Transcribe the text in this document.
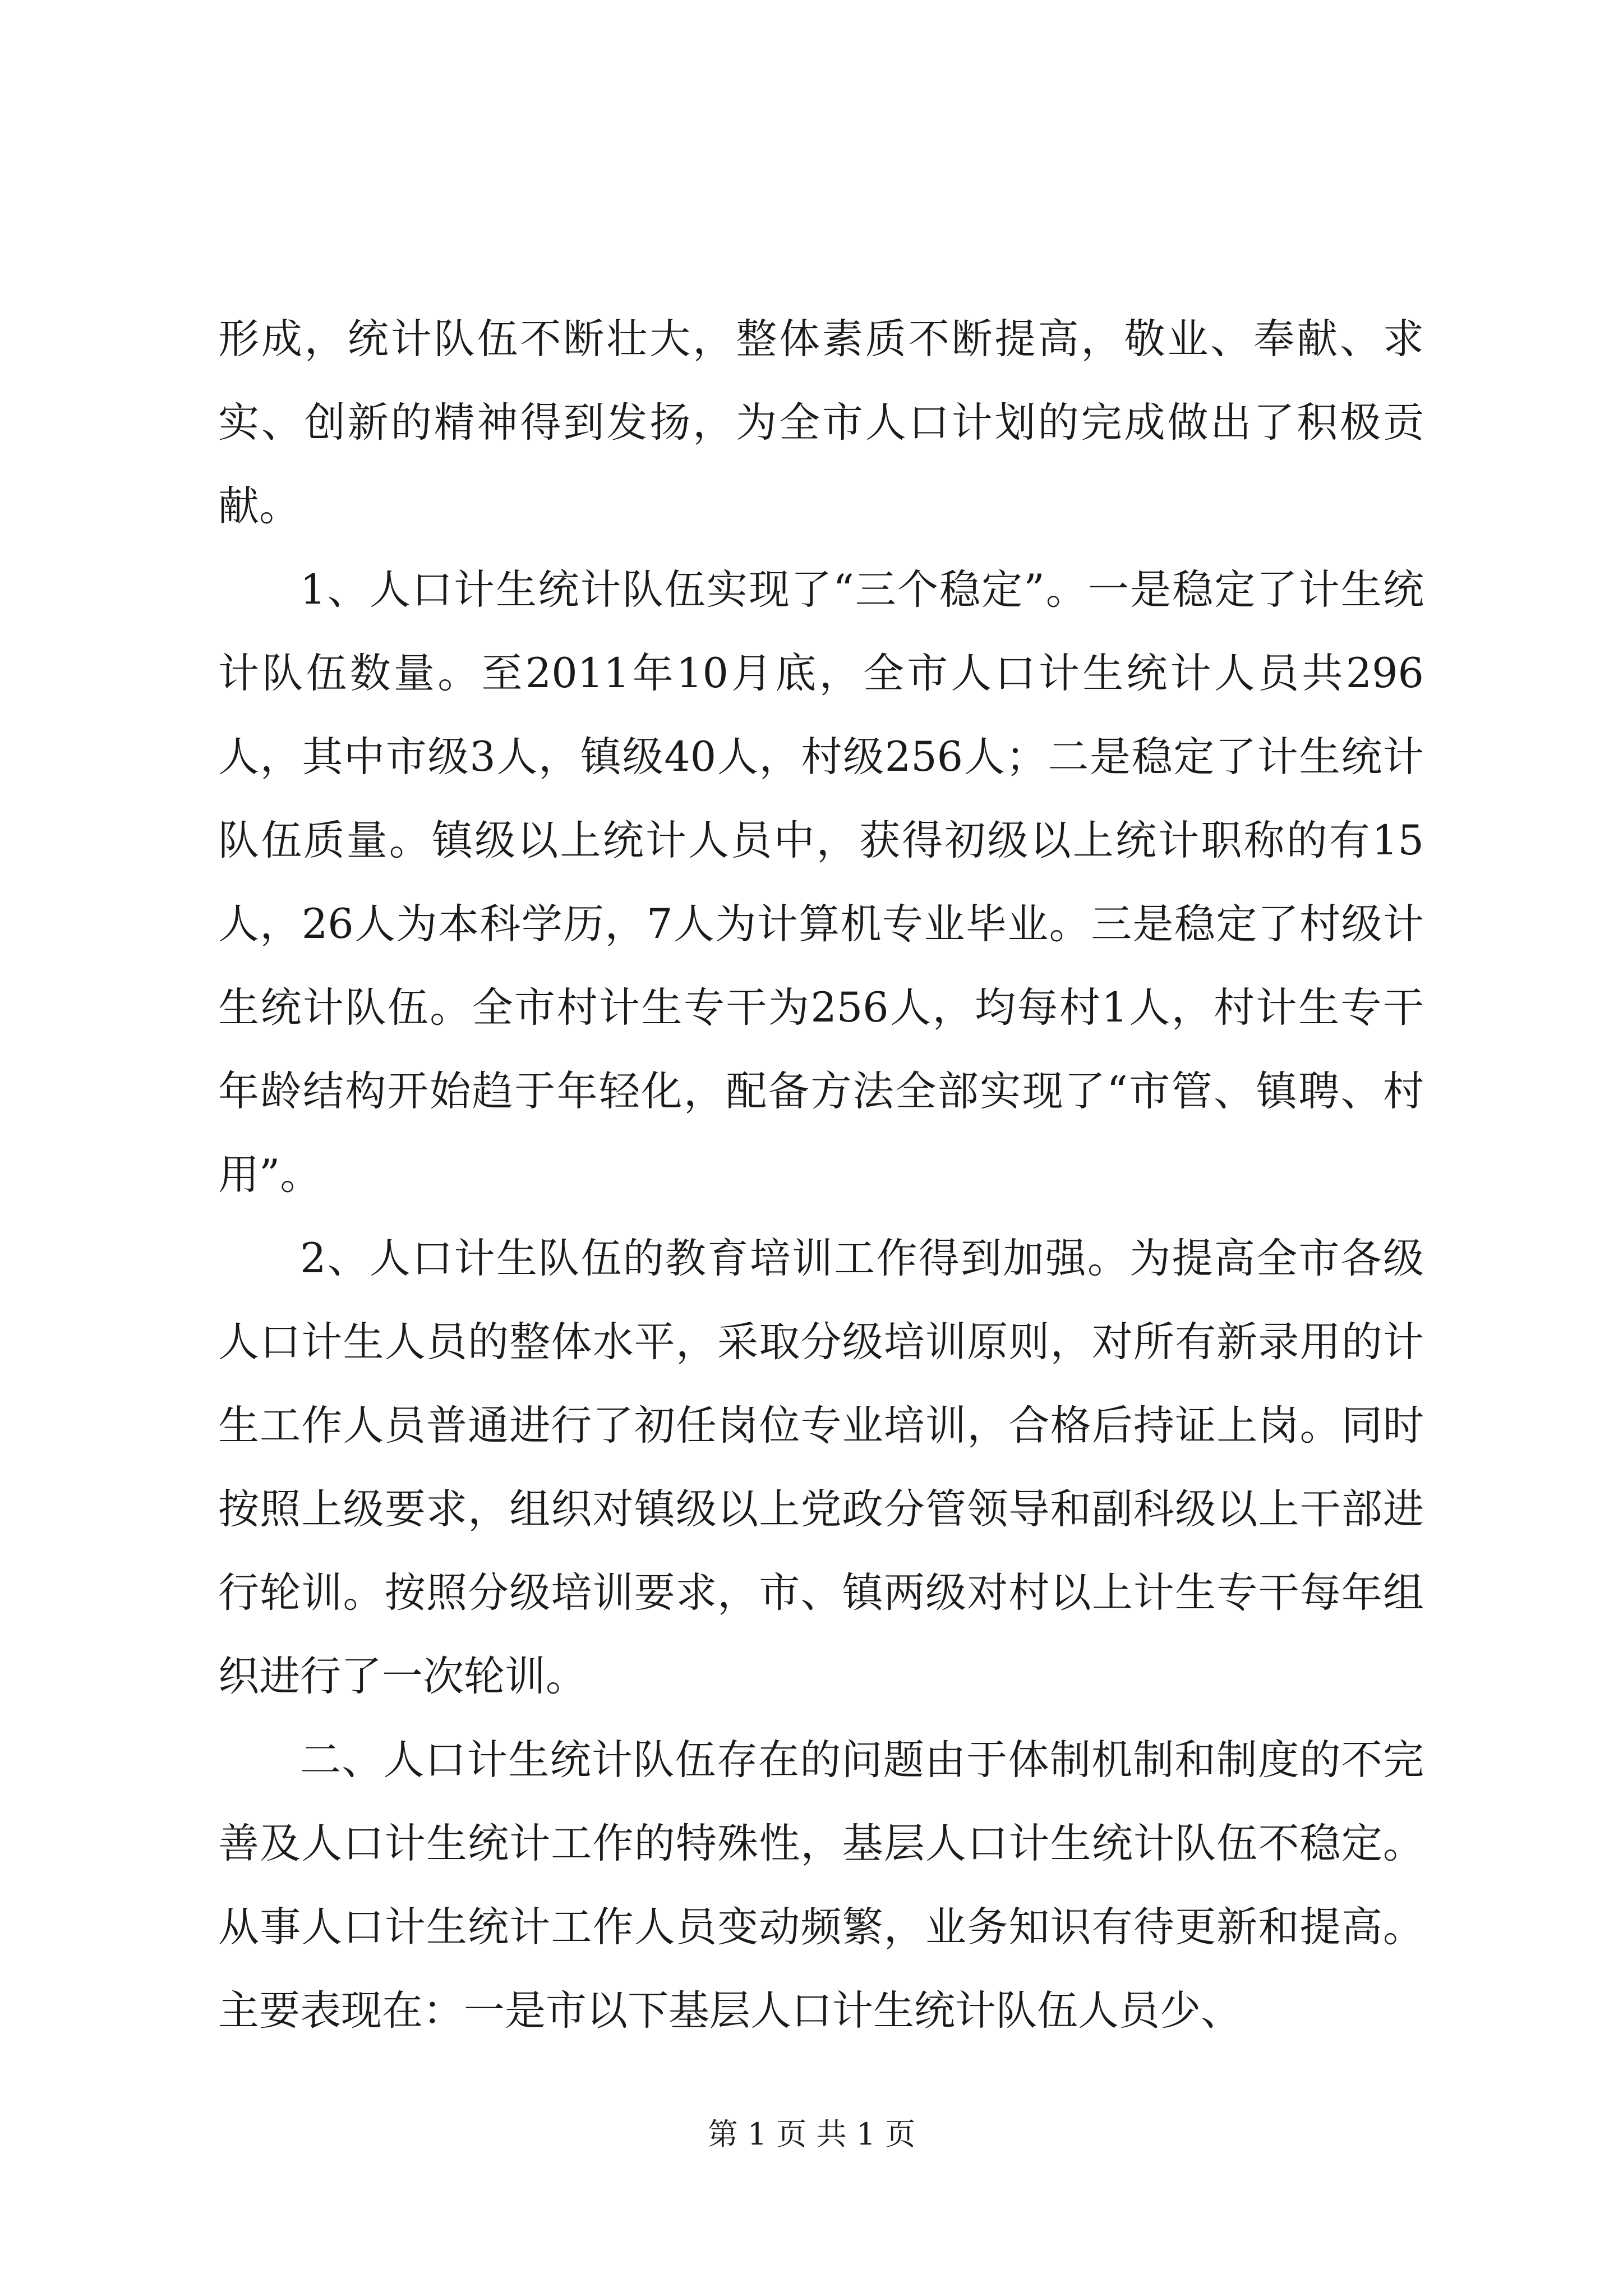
形成，统计队伍不断壮大，整体素质不断提高，敬业、奉献、求实、创新的精神得到发扬，为全市人口计划的完成做出了积极贡献。

1、人口计生统计队伍实现了“三个稳定”。一是稳定了计生统计队伍数量。至2011年10月底，全市人口计生统计人员共296人，其中市级3人，镇级40人，村级256人；二是稳定了计生统计队伍质量。镇级以上统计人员中，获得初级以上统计职称的有15人，26人为本科学历，7人为计算机专业毕业。三是稳定了村级计生统计队伍。全市村计生专干为256人，均每村1人，村计生专干年龄结构开始趋于年轻化，配备方法全部实现了“市管、镇聘、村用”。

2、人口计生队伍的教育培训工作得到加强。为提高全市各级人口计生人员的整体水平，采取分级培训原则，对所有新录用的计生工作人员普通进行了初任岗位专业培训，合格后持证上岗。同时按照上级要求，组织对镇级以上党政分管领导和副科级以上干部进行轮训。按照分级培训要求，市、镇两级对村以上计生专干每年组织进行了一次轮训。

二、人口计生统计队伍存在的问题由于体制机制和制度的不完善及人口计生统计工作的特殊性，基层人口计生统计队伍不稳定。从事人口计生统计工作人员变动频繁，业务知识有待更新和提高。主要表现在：一是市以下基层人口计生统计队伍人员少、

第 1 页 共 1 页
